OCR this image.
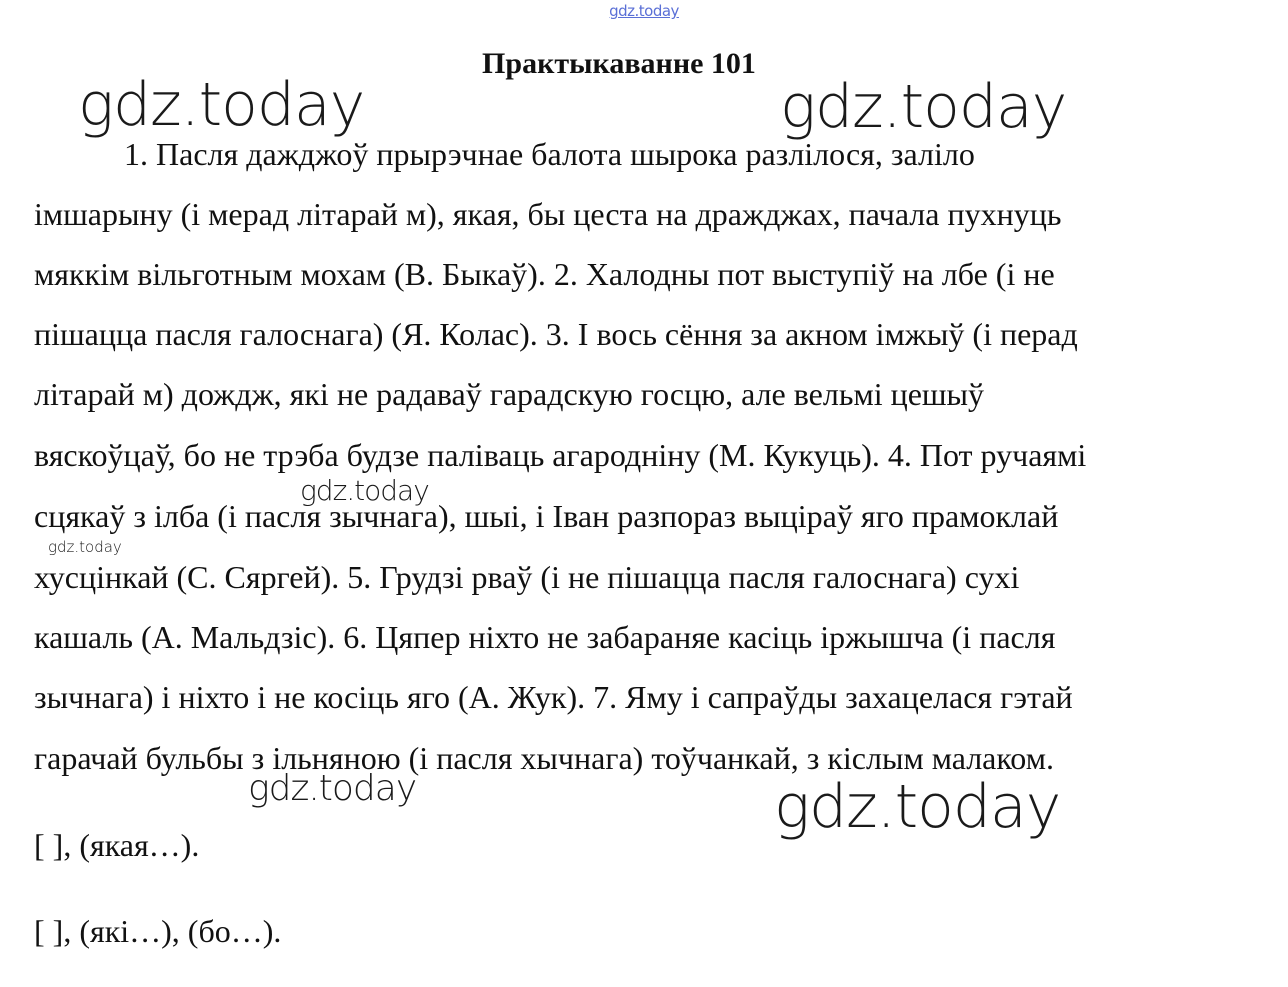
gdz.today
Практыкаванне 101
1. Пасля дажджоў прырэчнае балота шырока разлілося, заліло
імшарыну (і мерад літарай м), якая, бы цеста на дражджах, пачала пухнуць
мяккім вільготным мохам (В. Быкаў). 2. Халодны пот выступіў на лбе (і не
пішацца пасля галоснага) (Я. Колас). 3. І вось сёння за акном імжыў (і перад
літарай м) дождж, які не радаваў гарадскую госцю, але вельмі цешыў
вяскоўцаў, бо не трэба будзе паліваць агародніну (М. Кукуць). 4. Пот ручаямі
сцякаў з ілба (і пасля зычнага), шыі, і Іван разпораз выціраў яго прамоклай
хусцінкай (С. Сяргей). 5. Грудзі рваў (і не пішацца пасля галоснага) сухі
кашаль (А. Мальдзіс). 6. Цяпер ніхто не забараняе касіць іржышча (і пасля
зычнага) і ніхто і не косіць яго (А. Жук). 7. Яму і сапраўды захацелася гэтай
гарачай бульбы з ільняною (і пасля хычнага) тоўчанкай, з кіслым малаком.
[ ], (якая…).
[ ], (які…), (бо…).
gdz.today	gdz.today
gdz.today
gdz.today
gdz.today	gdz.today
